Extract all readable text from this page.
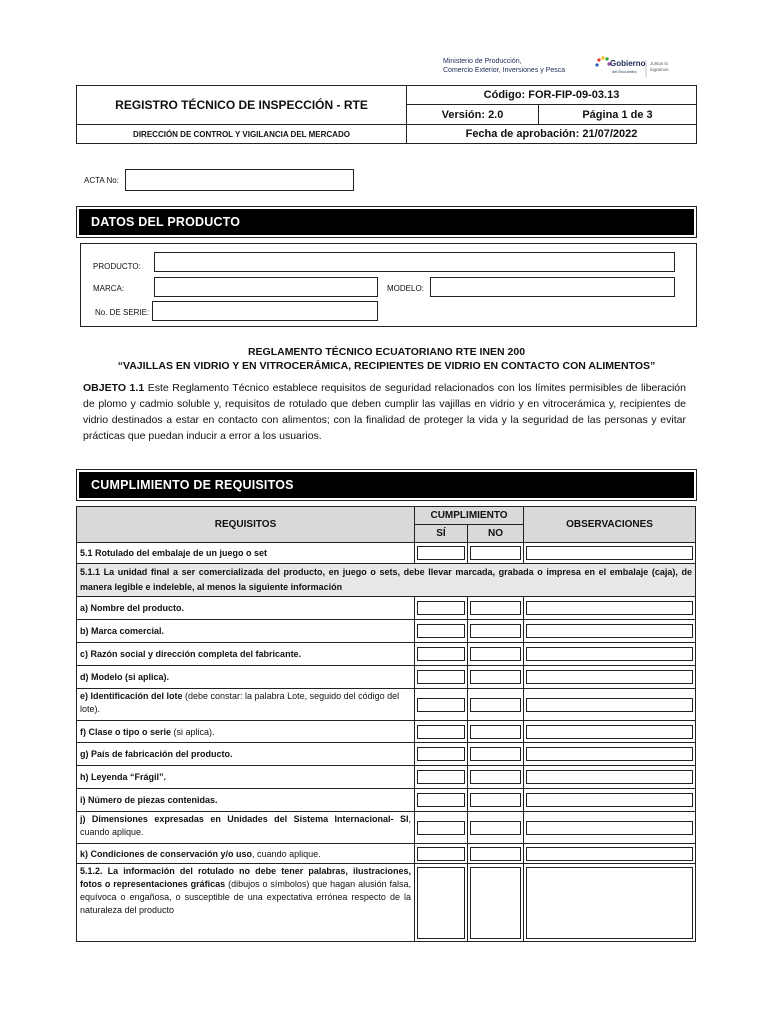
Ministerio de Producción,
Comercio Exterior, Inversiones y Pesca
Gobierno
del Encuentro
Juntos lo logramos
REGISTRO TÉCNICO DE INSPECCIÓN - RTE	Código: FOR-FIP-09-03.13	
	Versión: 2.0	Página 1 de 3
DIRECCIÓN DE CONTROL Y VIGILANCIA DEL MERCADO	Fecha de aprobación: 21/07/2022	
ACTA No:
DATOS DEL PRODUCTO
PRODUCTO:
MARCA:	MODELO:
No. DE SERIE:
REGLAMENTO TÉCNICO ECUATORIANO RTE INEN 200
“VAJILLAS EN VIDRIO Y EN VITROCERÁMICA, RECIPIENTES DE VIDRIO EN CONTACTO CON ALIMENTOS”
OBJETO 1.1 Este Reglamento Técnico establece requisitos de seguridad relacionados con los límites permisibles de liberación de plomo y cadmio soluble y, requisitos de rotulado que deben cumplir las vajillas en vidrio y en vitrocerámica y, recipientes de vidrio destinados a estar en contacto con alimentos; con la finalidad de proteger la vida y la seguridad de las personas y evitar prácticas que puedan inducir a error a los usuarios.
CUMPLIMIENTO DE REQUISITOS
REQUISITOS	CUMPLIMIENTO		OBSERVACIONES
	SÍ	NO	
5.1 Rotulado del embalaje de un juego o set	

5.1.1 La unidad final a ser comercializada del producto, en juego o sets, debe llevar marcada, grabada o impresa en el embalaje (caja), de manera legible e indeleble, al menos la siguiente información			
a) Nombre del producto.	

b) Marca comercial.	

c) Razón social y dirección completa del fabricante.	

d) Modelo (si aplica).	

e) Identificación del lote (debe constar: la palabra Lote, seguido del código del lote).	

f) Clase o tipo o serie (si aplica).	

g) País de fabricación del producto.	

h) Leyenda “Frágil”.	

i) Número de piezas contenidas.	

j) Dimensiones expresadas en Unidades del Sistema Internacional- SI, cuando aplique.	

k) Condiciones de conservación y/o uso, cuando aplique.	

5.1.2. La información del rotulado no debe tener palabras, ilustraciones, fotos o representaciones gráficas (dibujos o símbolos) que hagan alusión falsa, equívoca o engañosa, o susceptible de una expectativa errónea respecto de la naturaleza del producto	
